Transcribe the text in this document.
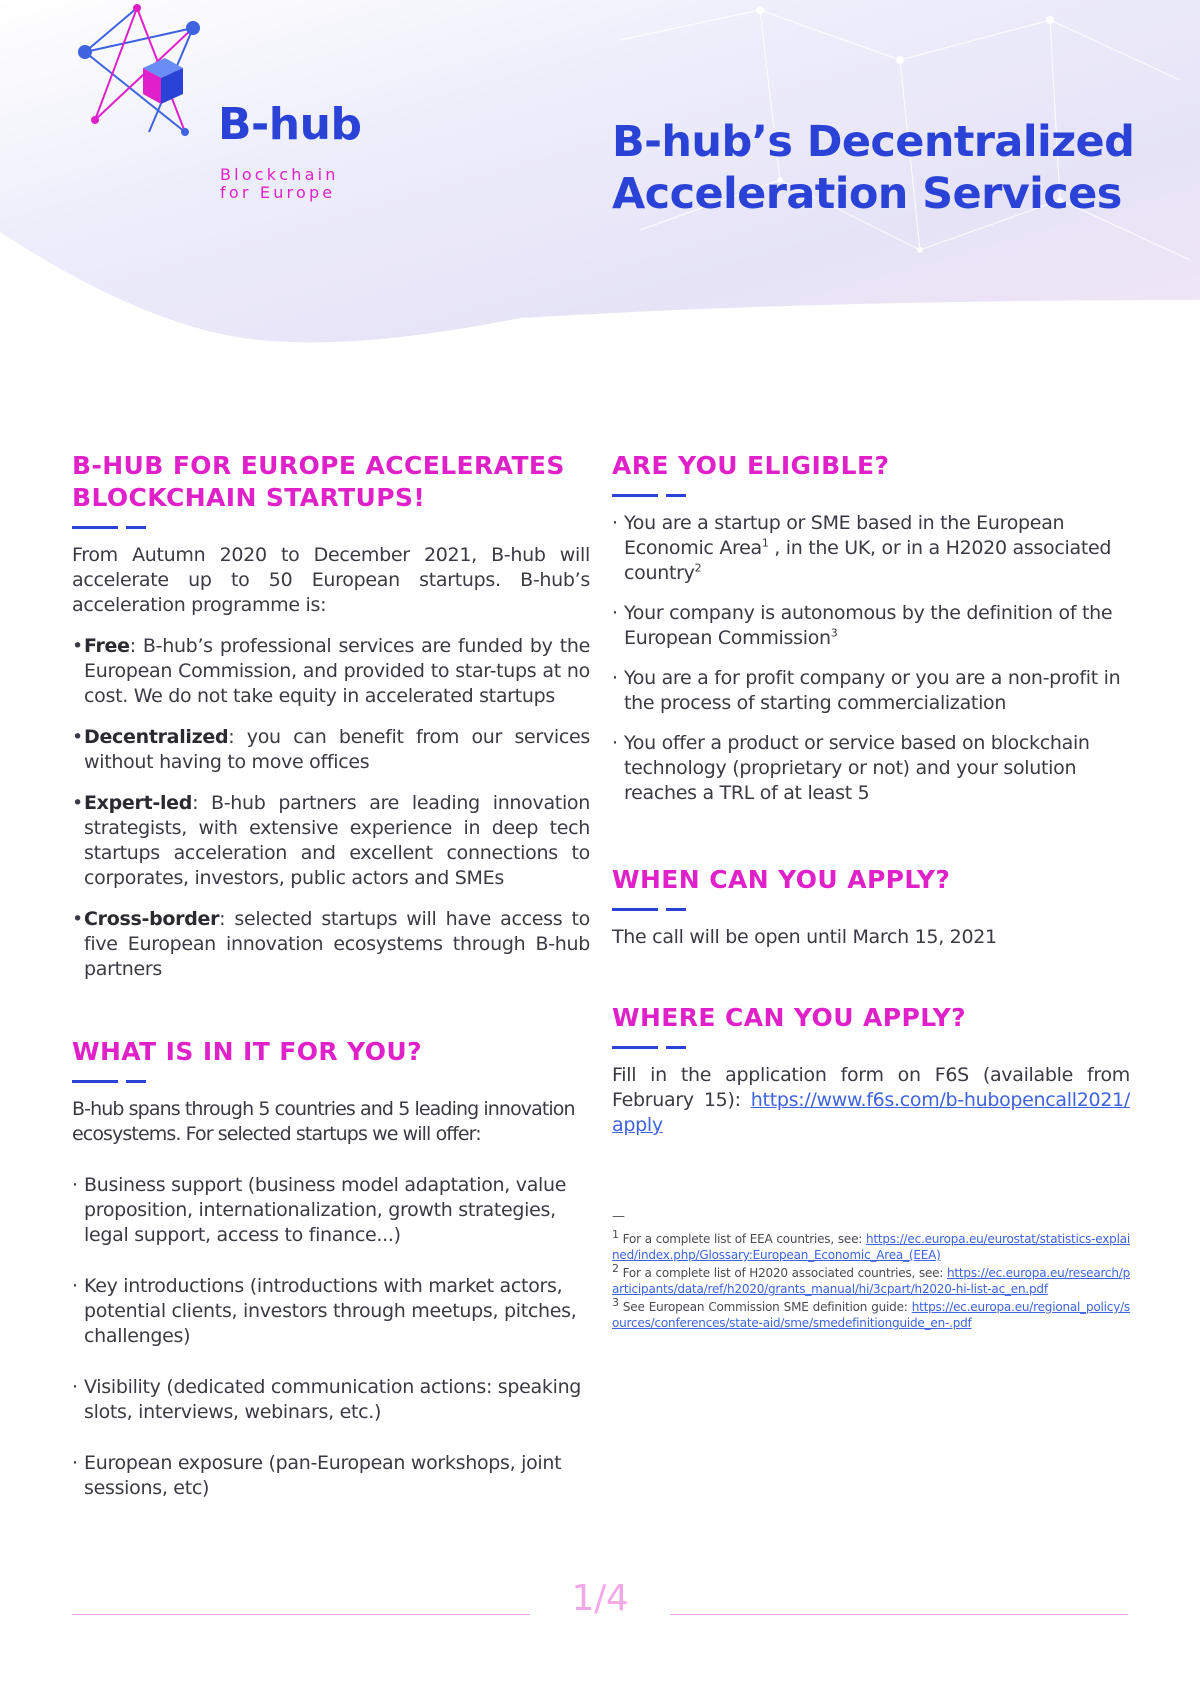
B-hub

Blockchain
for Europe

B-hub’s Decentralized
Acceleration Services
B-HUB FOR EUROPE ACCELERATES
BLOCKCHAIN STARTUPS!

From Autumn 2020 to December 2021, B-hub will accelerate up to 50 European startups. B-hub’s acceleration programme is:

• Free: B-hub’s professional services are funded by the European Commission, and provided to star-tups at no cost. We do not take equity in accelerated startups
• Decentralized: you can benefit from our services without having to move offices
• Expert-led: B-hub partners are leading innovation strategists, with extensive experience in deep tech startups acceleration and excellent connections to corporates, investors, public actors and SMEs
• Cross-border: selected startups will have access to five European innovation ecosystems through B-hub partners
WHAT IS IN IT FOR YOU?

B-hub spans through 5 countries and 5 leading innovation ecosystems. For selected startups we will offer:

· Business support (business model adaptation, value proposition, internationalization, growth strategies, legal support, access to finance...)
· Key introductions (introductions with market actors, potential clients, investors through meetups, pitches, challenges)
· Visibility (dedicated communication actions: speaking slots, interviews, webinars, etc.)
· European exposure (pan-European workshops, joint sessions, etc)
ARE YOU ELIGIBLE?
· You are a startup or SME based in the European Economic Area$^1$ , in the UK, or in a H2020 associated country$^2$
· Your company is autonomous by the definition of the European Commission$^3$
· You are a for profit company or you are a non-profit in the process of starting commercialization
· You offer a product or service based on blockchain technology (proprietary or not) and your solution reaches a TRL of at least 5
WHEN CAN YOU APPLY?

The call will be open until March 15, 2021

WHERE CAN YOU APPLY?

Fill in the application form on F6S (available from February 15): https://www.f6s.com/b-hubopencall2021/apply

—

$^1$ For a complete list of EEA countries, see: https://ec.europa.eu/eurostat/statistics-explained/index.php/Glossary:European_Economic_Area_(EEA)

$^2$ For a complete list of H2020 associated countries, see: https://ec.europa.eu/research/participants/data/ref/h2020/grants_manual/hi/3cpart/h2020-hi-list-ac_en.pdf

$^3$ See European Commission SME definition guide: https://ec.europa.eu/regional_policy/sources/conferences/state-aid/sme/smedefinitionguide_en-.pdf

1/4
